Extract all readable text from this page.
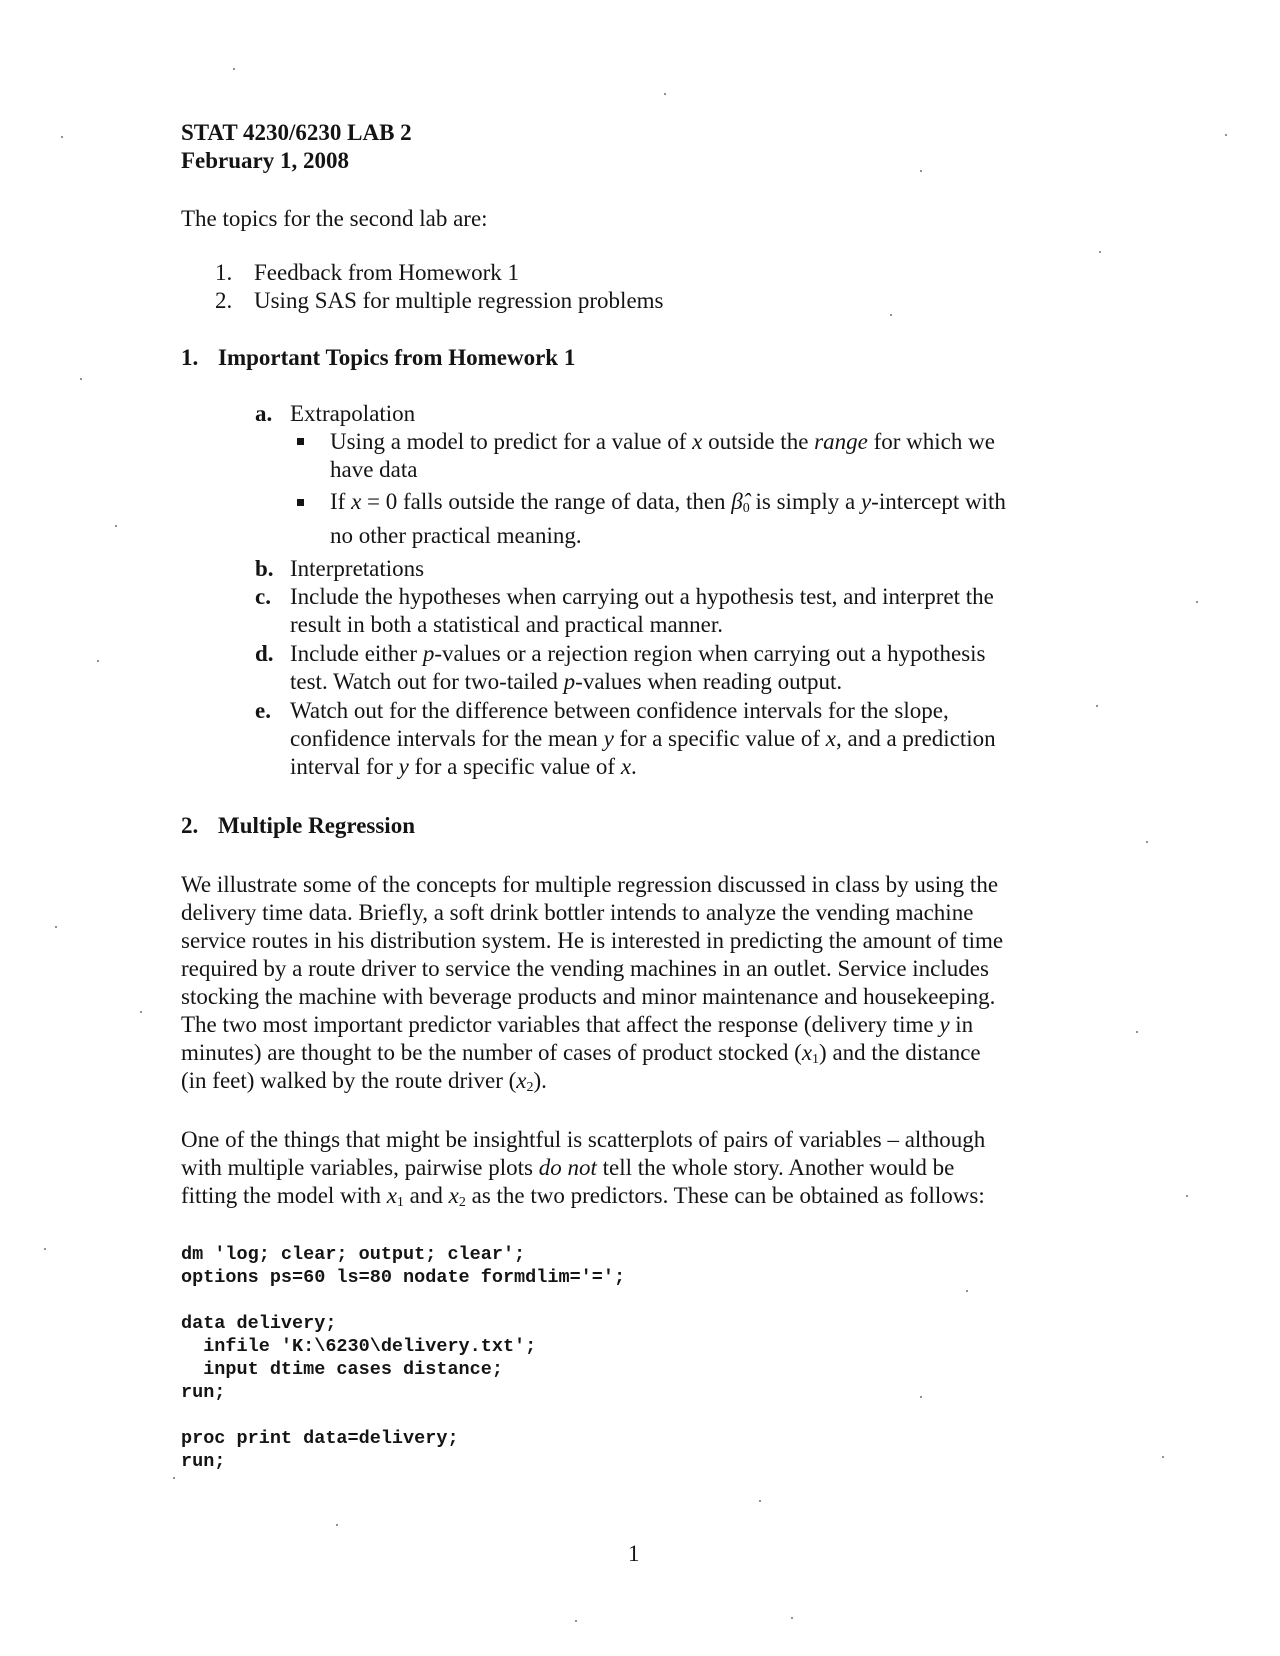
STAT 4230/6230 LAB 2
February 1, 2008
The topics for the second lab are:
1. Feedback from Homework 1
2. Using SAS for multiple regression problems
1. Important Topics from Homework 1
a. Extrapolation
Using a model to predict for a value of x outside the range for which we
have data
If x = 0 falls outside the range of data, then $\betâ_0$ is simply a y-intercept with
no other practical meaning.
b. Interpretations
c. Include the hypotheses when carrying out a hypothesis test, and interpret the
result in both a statistical and practical manner.
d. Include either p-values or a rejection region when carrying out a hypothesis
test. Watch out for two-tailed p-values when reading output.
e. Watch out for the difference between confidence intervals for the slope,
confidence intervals for the mean y for a specific value of x, and a prediction
interval for y for a specific value of x.
2. Multiple Regression
We illustrate some of the concepts for multiple regression discussed in class by using the
delivery time data. Briefly, a soft drink bottler intends to analyze the vending machine
service routes in his distribution system. He is interested in predicting the amount of time
required by a route driver to service the vending machines in an outlet. Service includes
stocking the machine with beverage products and minor maintenance and housekeeping.
The two most important predictor variables that affect the response (delivery time y in
minutes) are thought to be the number of cases of product stocked $(x_1)$ and the distance
(in feet) walked by the route driver $(x_2)$.
One of the things that might be insightful is scatterplots of pairs of variables – although
with multiple variables, pairwise plots do not tell the whole story. Another would be
fitting the model with $x_1$ and $x_2$ as the two predictors. These can be obtained as follows:
dm 'log; clear; output; clear';
options ps=60 ls=80 nodate formdlim='=';
data delivery;
infile 'K:\6230\delivery.txt';
input dtime cases distance;
run;
proc print data=delivery;
run;
1
